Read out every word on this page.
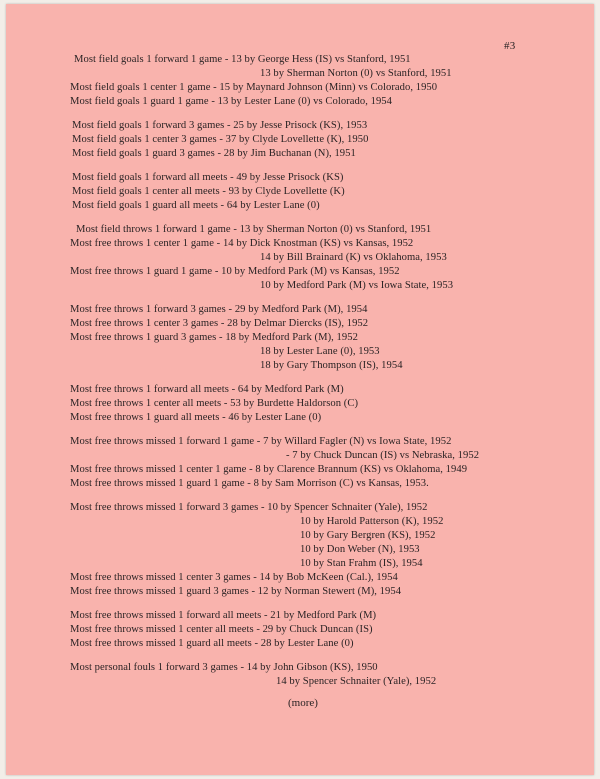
#3
Most field goals 1 forward 1 game - 13 by George Hess (IS) vs Stanford, 1951
13 by Sherman Norton (0) vs Stanford, 1951
Most field goals 1 center 1 game - 15 by Maynard Johnson (Minn) vs Colorado, 1950
Most field goals 1 guard 1 game - 13 by Lester Lane (0) vs Colorado, 1954
Most field goals 1 forward 3 games - 25 by Jesse Prisock (KS), 1953
Most field goals 1 center 3 games - 37 by Clyde Lovellette (K), 1950
Most field goals 1 guard 3 games - 28 by Jim Buchanan (N), 1951
Most field goals 1 forward all meets - 49 by Jesse Prisock (KS)
Most field goals 1 center all meets - 93 by Clyde Lovellette (K)
Most field goals 1 guard all meets - 64 by Lester Lane (0)
Most field throws 1 forward 1 game - 13 by Sherman Norton (0) vs Stanford, 1951
Most free throws 1 center 1 game - 14 by Dick Knostman (KS) vs Kansas, 1952
14 by Bill Brainard (K) vs Oklahoma, 1953
Most free throws 1 guard 1 game - 10 by Medford Park (M) vs Kansas, 1952
10 by Medford Park (M) vs Iowa State, 1953
Most free throws 1 forward 3 games - 29 by Medford Park (M), 1954
Most free throws 1 center 3 games - 28 by Delmar Diercks (IS), 1952
Most free throws 1 guard 3 games - 18 by Medford Park (M), 1952
18 by Lester Lane (0), 1953
18 by Gary Thompson (IS), 1954
Most free throws 1 forward all meets - 64 by Medford Park (M)
Most free throws 1 center all meets - 53 by Burdette Haldorson (C)
Most free throws 1 guard all meets - 46 by Lester Lane (0)
Most free throws missed 1 forward 1 game - 7 by Willard Fagler (N) vs Iowa State, 1952
- 7 by Chuck Duncan (IS) vs Nebraska, 1952
Most free throws missed 1 center 1 game - 8 by Clarence Brannum (KS) vs Oklahoma, 1949
Most free throws missed 1 guard 1 game - 8 by Sam Morrison (C) vs Kansas, 1953.
Most free throws missed 1 forward 3 games - 10 by Spencer Schnaiter (Yale), 1952
10 by Harold Patterson (K), 1952
10 by Gary Bergren (KS), 1952
10 by Don Weber (N), 1953
10 by Stan Frahm (IS), 1954
Most free throws missed 1 center 3 games - 14 by Bob McKeen (Cal.), 1954
Most free throws missed 1 guard 3 games - 12 by Norman Stewert (M), 1954
Most free throws missed 1 forward all meets - 21 by Medford Park (M)
Most free throws missed 1 center all meets - 29 by Chuck Duncan (IS)
Most free throws missed 1 guard all meets - 28 by Lester Lane (0)
Most personal fouls 1 forward 3 games - 14 by John Gibson (KS), 1950
14 by Spencer Schnaiter (Yale), 1952
(more)
